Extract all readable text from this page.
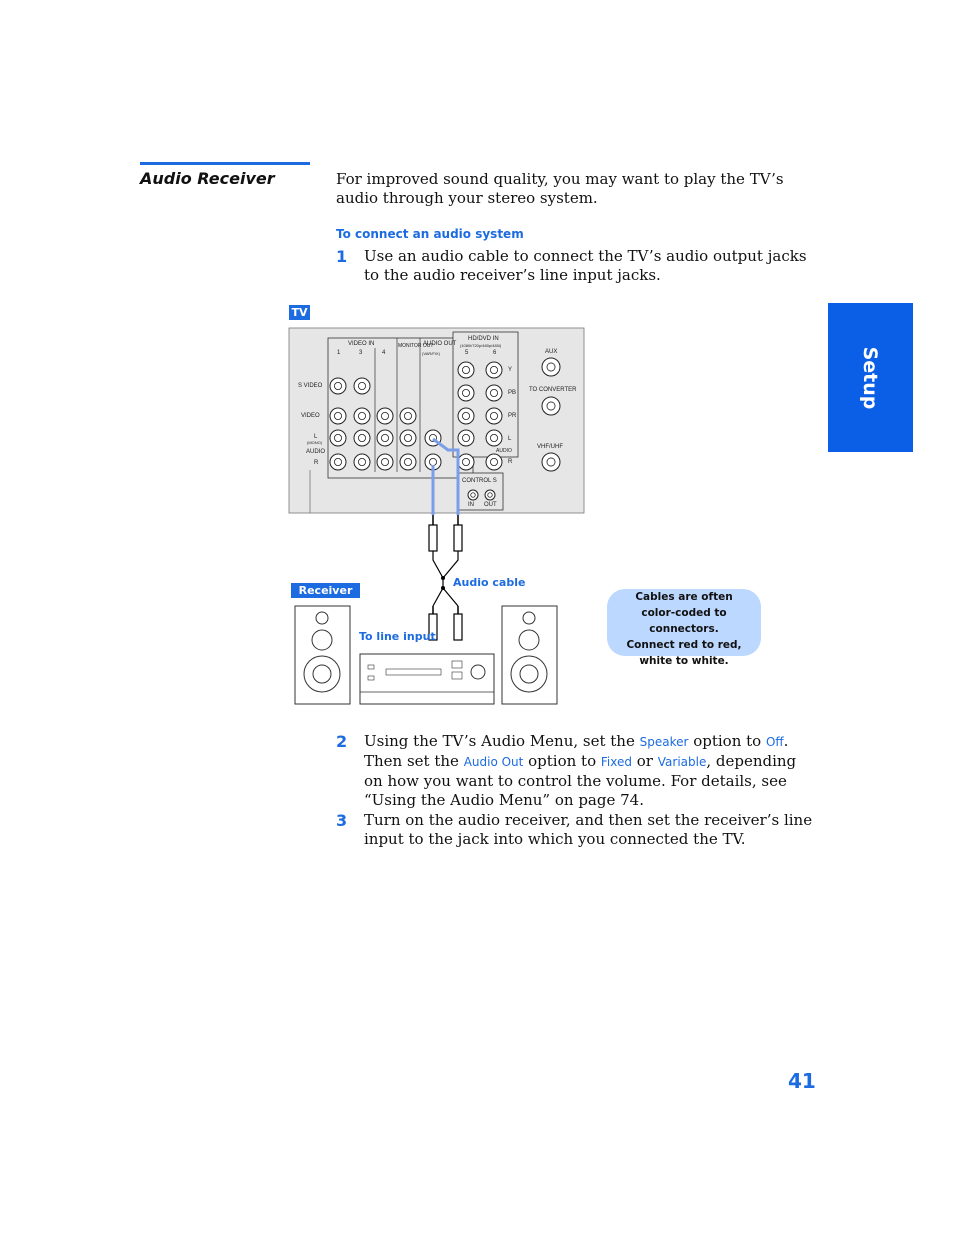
Audio Receiver	For improved sound quality, you may want to play the TV’s audio through your stereo system.
To connect an audio system
1 Use an audio cable to connect the TV’s audio output jacks to the audio receiver’s line input jacks.
TV
VIDEO IN	MONITOR OUT
AUDIO OUT
(VAR/FIX)
HD/DVD IN
(1080i/720p/480p/480i)
1	3	4	5	6
S VIDEO
VIDEO
L
(MONO)
AUDIO
R
Y
PB
PR
L
AUDIO
R
AUX
TO CONVERTER
VHF/UHF
CONTROL S
IN OUT
Receiver
Audio cable
To line input
Cables are often
color-coded to connectors.
Connect red to red,
white to white.
2 Using the TV’s Audio Menu, set the Speaker option to Off. Then set the Audio Out option to Fixed or Variable, depending on how you want to control the volume. For details, see “Using the Audio Menu” on page 74.
3 Turn on the audio receiver, and then set the receiver’s line input to the jack into which you connected the TV.
Setup
41
